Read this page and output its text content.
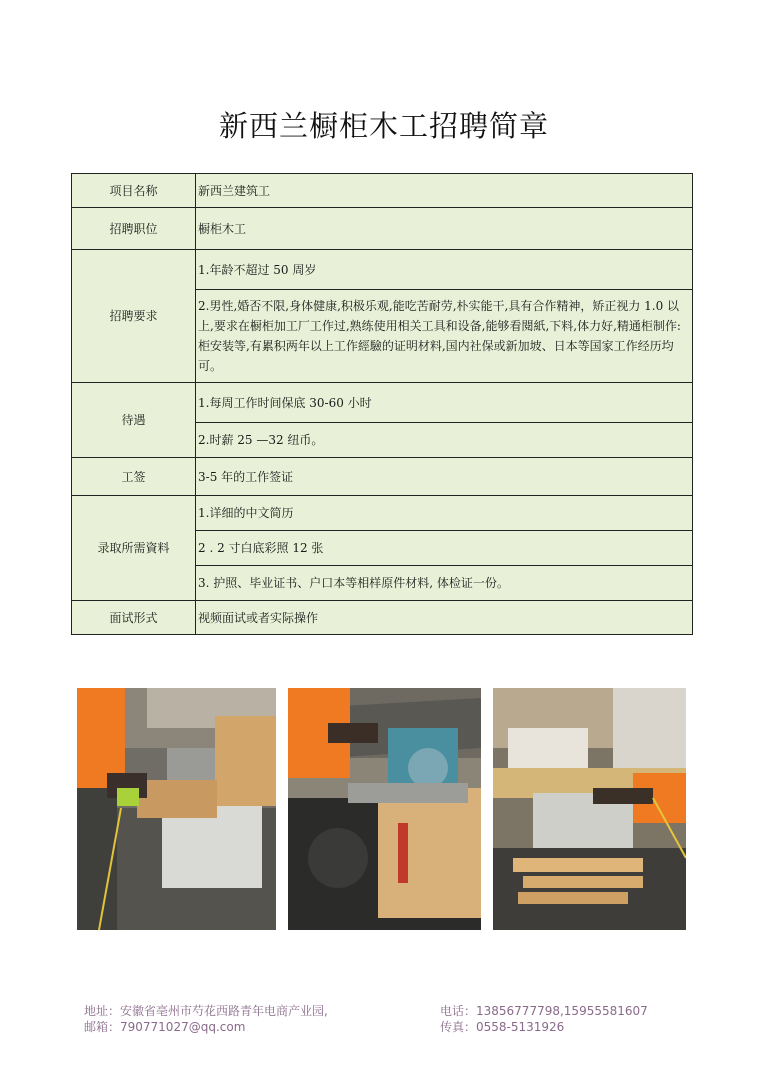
新西兰橱柜木工招聘简章
项目名称	新西兰建筑工
招聘职位	橱柜木工
招聘要求	1.年龄不超过 50 周岁
	2.男性,婚否不限,身体健康,积极乐观,能吃苦耐劳,朴实能干,具有合作精神，矫正视力 1.0 以上,要求在橱柜加工厂工作过,熟练使用相关工具和设备,能够看閱紙,下料,体力好,精通柜制作:柜安装等,有累积两年以上工作經驗的证明材料,国内社保或新加坡、日本等国家工作经历均可。
待遇	1.每周工作时间保底 30-60 小时
	2.时薪 25 —32 纽币。
工签	3-5 年的工作签证
录取所需資料	1.详细的中文简历
	2 . 2 寸白底彩照 12 张
	3. 护照、毕业证书、户口本等相样原件材料, 体检证一份。
面试形式	视频面试或者实际操作
地址：安徽省亳州市芍花西路青年电商产业园,
邮箱：790771027@qq.com
电话：13856777798,15955581607
传真：0558-5131926
